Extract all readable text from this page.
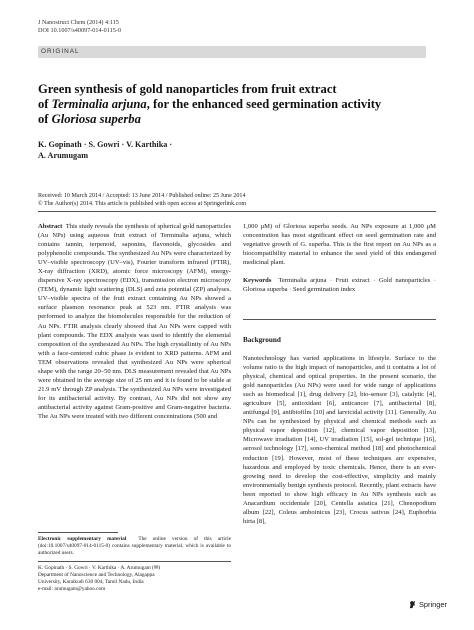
J Nanostruct Chem (2014) 4:115
DOI 10.1007/s40097-014-0115-0
ORIGINAL
Green synthesis of gold nanoparticles from fruit extract
of Terminalia arjuna, for the enhanced seed germination activity
of Gloriosa superba
K. Gopinath · S. Gowri · V. Karthika ·
A. Arumugam
Received: 10 March 2014 / Accepted: 13 June 2014 / Published online: 25 June 2014
© The Author(s) 2014. This article is published with open access at Springerlink.com

Abstract This study reveals the synthesis of spherical gold nanoparticles (Au NPs) using aqueous fruit extract of Terminalia arjuna, which contains tannin, terpenoid, saponins, flavonoids, glycosides and polyphenolic compounds. The synthesized Au NPs were characterized by UV–visible spectroscopy (UV–vis), Fourier transform infrared (FTIR), X-ray diffraction (XRD), atomic force microscopy (AFM), energy-dispersive X-ray spectroscopy (EDX), transmission electron microscopy (TEM), dynamic light scattering (DLS) and zeta potential (ZP) analyses. UV–visible spectra of the fruit extract containing Au NPs showed a surface plasmon resonance peak at 523 nm. FTIR analysis was performed to analyze the biomolecules responsible for the reduction of Au NPs. FTIR analysis clearly showed that Au NPs were capped with plant compounds. The EDX analysis was used to identify the elemental composition of the synthesized Au NPs. The high crystallinity of Au NPs with a face-centered cubic phase is evident to XRD patterns. AFM and TEM observations revealed that synthesized Au NPs were spherical shape with the range 20–50 nm. DLS measurement revealed that Au NPs were obtained in the average size of 25 nm and it is found to be stable at 21.9 mV through ZP analysis. The synthesized Au NPs were investigated for its antibacterial activity. By contrast, Au NPs did not show any antibacterial activity against Gram-positive and Gram-negative bacteria. The Au NPs were treated with two different concentrations (500 and

1,000 μM) of Gloriosa superba seeds. Au NPs exposure at 1,000 μM concentration has most significant effect on seed germination rate and vegetative growth of G. superba. This is the first report on Au NPs as a biocompatibility material to enhance the seed yield of this endangered medicinal plant.

Keywords Terminalia arjuna · Fruit extract · Gold nanoparticles · Gloriosa superba · Seed germination index

Background

Nanotechnology has varied applications in lifestyle. Surface to the volume ratio is the high impact of nanoparticles, and it contains a lot of physical, chemical and optical properties. In the present scenario, the gold nanoparticles (Au NPs) were used for wide range of applications such as biomedical [1], drug delivery [2], bio-sensor [3], catalytic [4], agriculture [5], antioxidant [6], anticancer [7], antibacterial [8], antifungal [9], antibiofilm [10] and larvicidal activity [11]. Generally, Au NPs can be synthesized by physical and chemical methods such as physical vapor deposition [12], chemical vapor deposition [13], Microwave irradiation [14], UV irradiation [15], sol-gel technique [16], aerosol technology [17], sono-chemical method [18] and photochemical reduction [19]. However, most of these techniques are expensive, hazardous and employed by toxic chemicals. Hence, there is an ever-growing need to develop the cost-effective, simplicity and mainly environmentally benign synthesis protocol. Recently, plant extracts have been reported to show high efficacy in Au NPs synthesis such as Anacardium occidentale [20], Centella asiatica [21], Chenopodium album [22], Coleus amboinicus [23], Crocus sativus [24], Euphorbia hirta [8],

Electronic supplementary material The online version of this article (doi:10.1007/s40097-014-0115-0) contains supplementary material, which is available to authorized users.
K. Gopinath · S. Gowri · V. Karthika · A. Arumugam (✉)
Department of Nanoscience and Technology, Alagappa
University, Karaikudi 630 004, Tamil Nadu, India
e-mail: arumugam@yahoo.com
Springer
